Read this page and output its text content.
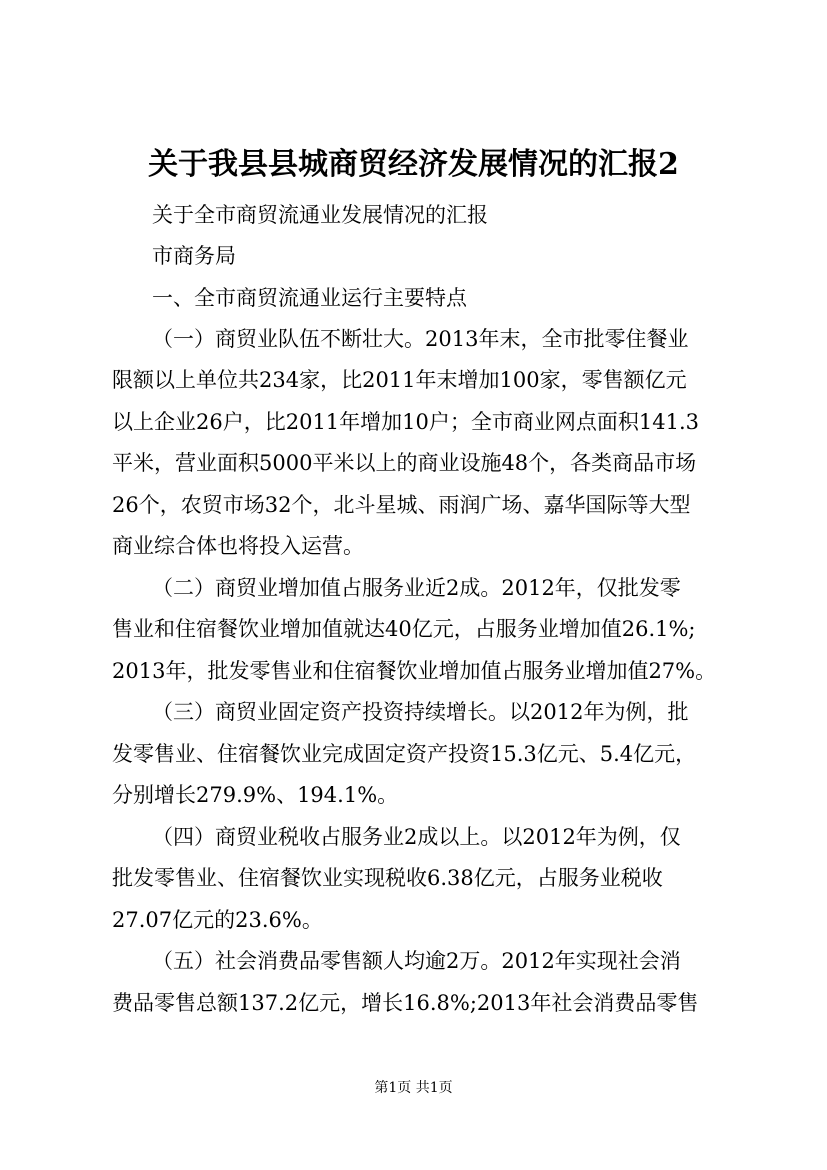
关于我县县城商贸经济发展情况的汇报2
关于全市商贸流通业发展情况的汇报
市商务局
一、全市商贸流通业运行主要特点
（一）商贸业队伍不断壮大。2013年末，全市批零住餐业
限额以上单位共234家，比2011年末增加100家，零售额亿元
以上企业26户，比2011年增加10户；全市商业网点面积141.3
平米，营业面积5000平米以上的商业设施48个，各类商品市场
26个，农贸市场32个，北斗星城、雨润广场、嘉华国际等大型
商业综合体也将投入运营。
（二）商贸业增加值占服务业近2成。2012年，仅批发零
售业和住宿餐饮业增加值就达40亿元，占服务业增加值26.1%;
2013年，批发零售业和住宿餐饮业增加值占服务业增加值27%。
（三）商贸业固定资产投资持续增长。以2012年为例，批
发零售业、住宿餐饮业完成固定资产投资15.3亿元、5.4亿元，
分别增长279.9%、194.1%。
（四）商贸业税收占服务业2成以上。以2012年为例，仅
批发零售业、住宿餐饮业实现税收6.38亿元，占服务业税收
27.07亿元的23.6%。
（五）社会消费品零售额人均逾2万。2012年实现社会消
费品零售总额137.2亿元，增长16.8%;2013年社会消费品零售
第1页 共1页
